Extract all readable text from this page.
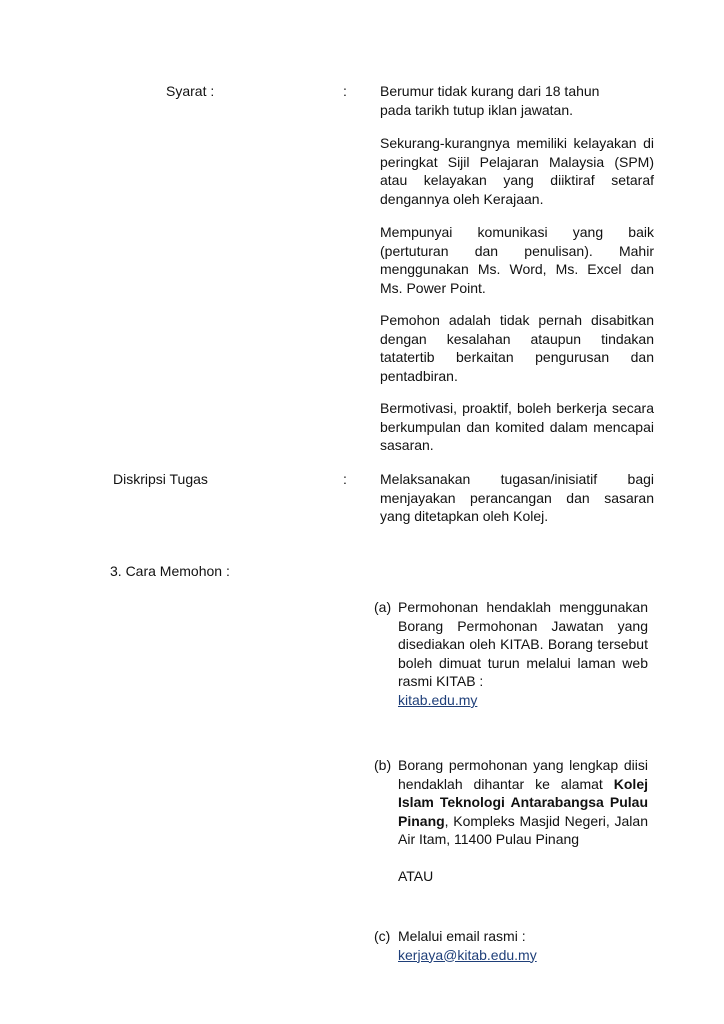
Syarat :	: Berumur tidak kurang dari 18 tahun pada tarikh tutup iklan jawatan.
Sekurang-kurangnya memiliki kelayakan di peringkat Sijil Pelajaran Malaysia (SPM) atau kelayakan yang diiktiraf setaraf dengannya oleh Kerajaan.
Mempunyai komunikasi yang baik (pertuturan dan penulisan). Mahir menggunakan Ms. Word, Ms. Excel dan Ms. Power Point.
Pemohon adalah tidak pernah disabitkan dengan kesalahan ataupun tindakan tatatertib berkaitan pengurusan dan pentadbiran.
Bermotivasi, proaktif, boleh berkerja secara berkumpulan dan komited dalam mencapai sasaran.
Diskripsi Tugas	: Melaksanakan tugasan/inisiatif bagi menjayakan perancangan dan sasaran yang ditetapkan oleh Kolej.
3. Cara Memohon :
(a) Permohonan hendaklah menggunakan Borang Permohonan Jawatan yang disediakan oleh KITAB. Borang tersebut boleh dimuat turun melalui laman web rasmi KITAB :
kitab.edu.my
(b) Borang permohonan yang lengkap diisi hendaklah dihantar ke alamat Kolej Islam Teknologi Antarabangsa Pulau Pinang, Kompleks Masjid Negeri, Jalan Air Itam, 11400 Pulau Pinang
ATAU
(c) Melalui email rasmi :
kerjaya@kitab.edu.my
